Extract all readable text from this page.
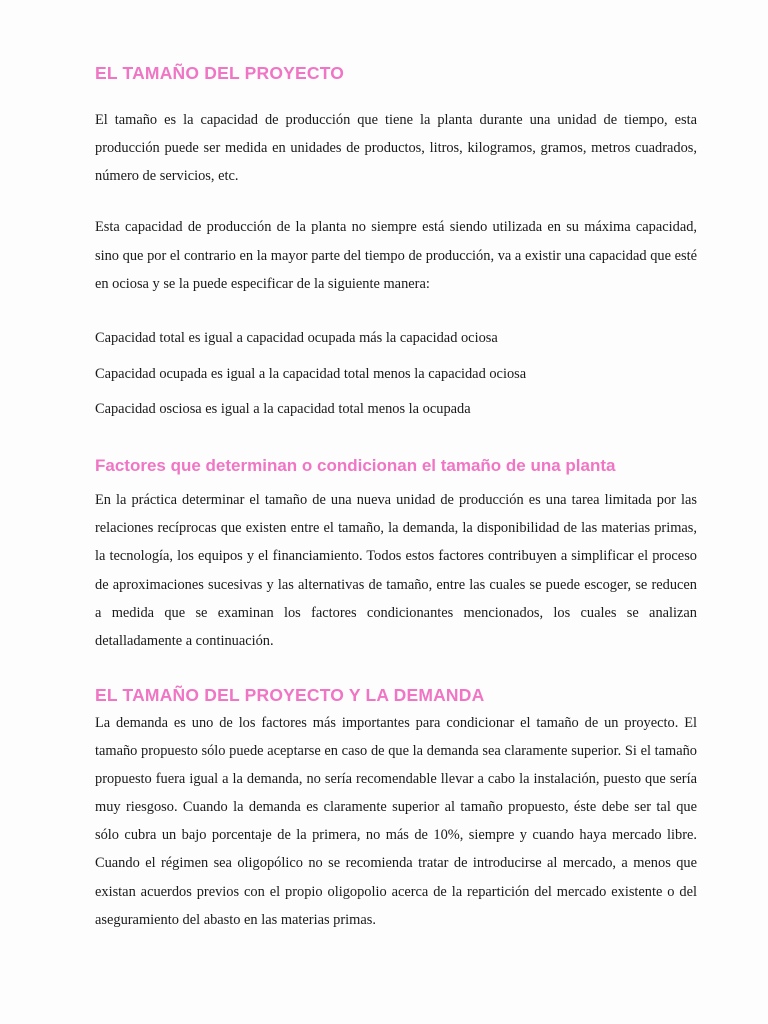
EL TAMAÑO DEL PROYECTO

El tamaño es la capacidad de producción que tiene la planta durante una unidad de tiempo, esta producción puede ser medida en unidades de productos, litros, kilogramos, gramos, metros cuadrados, número de servicios, etc.

Esta capacidad de producción de la planta no siempre está siendo utilizada en su máxima capacidad, sino que por el contrario en la mayor parte del tiempo de producción, va a existir una capacidad que esté en ociosa y se la puede especificar de la siguiente manera:

Capacidad total es igual a capacidad ocupada más la capacidad ociosa
Capacidad ocupada es igual a la capacidad total menos la capacidad ociosa
Capacidad osciosa es igual a la capacidad total menos la ocupada
Factores que determinan o condicionan el tamaño de una planta

En la práctica determinar el tamaño de una nueva unidad de producción es una tarea limitada por las relaciones recíprocas que existen entre el tamaño, la demanda, la disponibilidad de las materias primas, la tecnología, los equipos y el financiamiento. Todos estos factores contribuyen a simplificar el proceso de aproximaciones sucesivas y las alternativas de tamaño, entre las cuales se puede escoger, se reducen a medida que se examinan los factores condicionantes mencionados, los cuales se analizan detalladamente a continuación.

EL TAMAÑO DEL PROYECTO Y LA DEMANDA

La demanda es uno de los factores más importantes para condicionar el tamaño de un proyecto. El tamaño propuesto sólo puede aceptarse en caso de que la demanda sea claramente superior. Si el tamaño propuesto fuera igual a la demanda, no sería recomendable llevar a cabo la instalación, puesto que sería muy riesgoso. Cuando la demanda es claramente superior al tamaño propuesto, éste debe ser tal que sólo cubra un bajo porcentaje de la primera, no más de 10%, siempre y cuando haya mercado libre. Cuando el régimen sea oligopólico no se recomienda tratar de introducirse al mercado, a menos que existan acuerdos previos con el propio oligopolio acerca de la repartición del mercado existente o del aseguramiento del abasto en las materias primas.
